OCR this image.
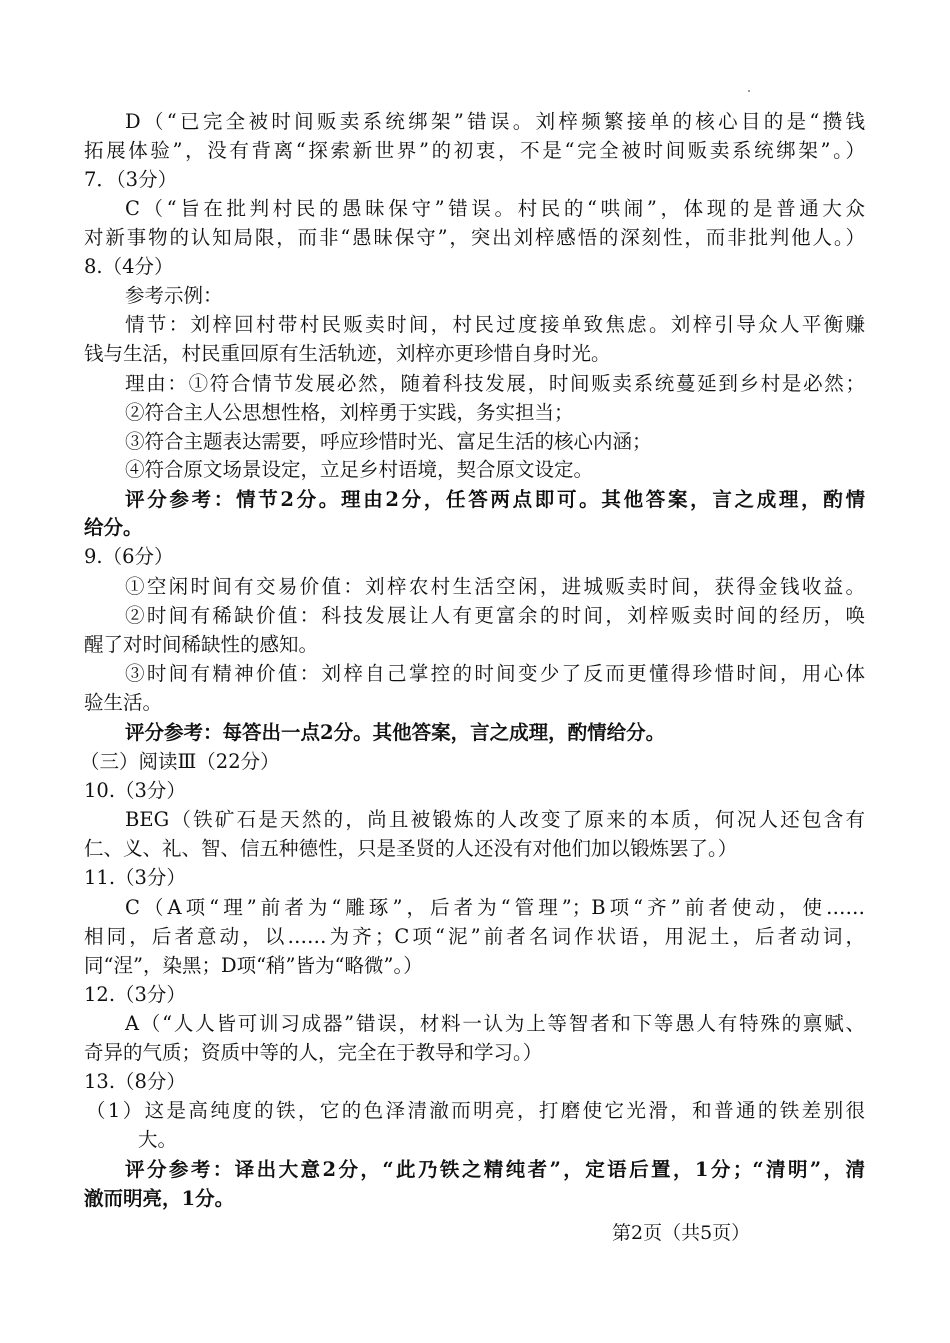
D（“已完全被时间贩卖系统绑架”错误。刘梓频繁接单的核心目的是“攒钱
拓展体验”，没有背离“探索新世界”的初衷，不是“完全被时间贩卖系统绑架”。）
7．（3分）
C（“旨在批判村民的愚昧保守”错误。村民的“哄闹”，体现的是普通大众
对新事物的认知局限，而非“愚昧保守”，突出刘梓感悟的深刻性，而非批判他人。）
8.（4分）
参考示例：
情节：刘梓回村带村民贩卖时间，村民过度接单致焦虑。刘梓引导众人平衡赚
钱与生活，村民重回原有生活轨迹，刘梓亦更珍惜自身时光。
理由：①符合情节发展必然，随着科技发展，时间贩卖系统蔓延到乡村是必然；
②符合主人公思想性格，刘梓勇于实践，务实担当；
③符合主题表达需要，呼应珍惜时光、富足生活的核心内涵；
④符合原文场景设定，立足乡村语境，契合原文设定。
评分参考：情节2分。理由2分，任答两点即可。其他答案，言之成理，酌情
给分。
9.（6分）
①空闲时间有交易价值：刘梓农村生活空闲，进城贩卖时间，获得金钱收益。
②时间有稀缺价值：科技发展让人有更富余的时间，刘梓贩卖时间的经历，唤
醒了对时间稀缺性的感知。
③时间有精神价值：刘梓自己掌控的时间变少了反而更懂得珍惜时间，用心体
验生活。
评分参考：每答出一点2分。其他答案，言之成理，酌情给分。
（三）阅读Ⅲ（22分）
10.（3分）
BEG（铁矿石是天然的，尚且被锻炼的人改变了原来的本质，何况人还包含有
仁、义、礼、智、信五种德性，只是圣贤的人还没有对他们加以锻炼罢了。）
11.（3分）
C（A项“理”前者为“雕琢”，后者为“管理”；B项“齐”前者使动，使……
相同，后者意动，以……为齐；C项“泥”前者名词作状语，用泥土，后者动词，
同“涅”，染黑；D项“稍”皆为“略微”。）
12.（3分）
A（“人人皆可训习成器”错误，材料一认为上等智者和下等愚人有特殊的禀赋、
奇异的气质；资质中等的人，完全在于教导和学习。）
13.（8分）
（1）这是高纯度的铁，它的色泽清澈而明亮，打磨使它光滑，和普通的铁差别很
大。
评分参考：译出大意2分，“此乃铁之精纯者”，定语后置，1分；“清明”，清
澈而明亮，1分。
第2页（共5页）
